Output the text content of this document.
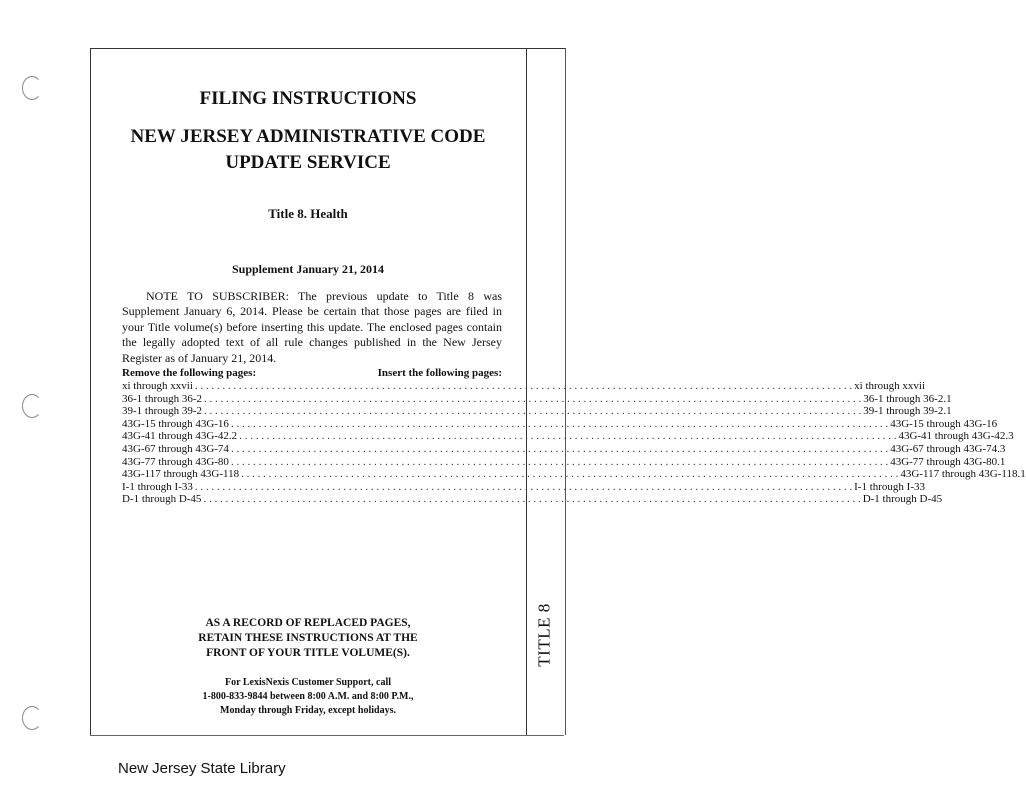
TITLE 8
FILING INSTRUCTIONS
NEW JERSEY ADMINISTRATIVE CODE
UPDATE SERVICE
Title 8. Health
Supplement January 21, 2014
NOTE TO SUBSCRIBER: The previous update to Title 8 was Supplement January 6, 2014. Please be certain that those pages are filed in your Title volume(s) before inserting this update. The enclosed pages contain the legally adopted text of all rule changes published in the New Jersey Register as of January 21, 2014.
Remove the following pages:	Insert the following pages:
xi through xxvii . . . . . . . . . . . . . . . . . . . . . . . . . . . . . . . . . . . . . . . . . . . . . . . . . . . . . . . . . . . . . . . . . . . . . . . . . . . . . . . . . . . . . . . . . . . . . . . . . . . . . . . . . . . . . . . . . . . . . . . . xi through xxvii
36-1 through 36-2 . . . . . . . . . . . . . . . . . . . . . . . . . . . . . . . . . . . . . . . . . . . . . . . . . . . . . . . . . . . . . . . . . . . . . . . . . . . . . . . . . . . . . . . . . . . . . . . . . . . . . . . . . . . . . . . . . . . . . . . . 36-1 through 36-2.1
39-1 through 39-2 . . . . . . . . . . . . . . . . . . . . . . . . . . . . . . . . . . . . . . . . . . . . . . . . . . . . . . . . . . . . . . . . . . . . . . . . . . . . . . . . . . . . . . . . . . . . . . . . . . . . . . . . . . . . . . . . . . . . . . . . 39-1 through 39-2.1
43G-15 through 43G-16 . . . . . . . . . . . . . . . . . . . . . . . . . . . . . . . . . . . . . . . . . . . . . . . . . . . . . . . . . . . . . . . . . . . . . . . . . . . . . . . . . . . . . . . . . . . . . . . . . . . . . . . . . . . . . . . . . . . . . . . . 43G-15 through 43G-16
43G-41 through 43G-42.2 . . . . . . . . . . . . . . . . . . . . . . . . . . . . . . . . . . . . . . . . . . . . . . . . . . . . . . . . . . . . . . . . . . . . . . . . . . . . . . . . . . . . . . . . . . . . . . . . . . . . . . . . . . . . . . . . . . . . . . . . 43G-41 through 43G-42.3
43G-67 through 43G-74 . . . . . . . . . . . . . . . . . . . . . . . . . . . . . . . . . . . . . . . . . . . . . . . . . . . . . . . . . . . . . . . . . . . . . . . . . . . . . . . . . . . . . . . . . . . . . . . . . . . . . . . . . . . . . . . . . . . . . . . . 43G-67 through 43G-74.3
43G-77 through 43G-80 . . . . . . . . . . . . . . . . . . . . . . . . . . . . . . . . . . . . . . . . . . . . . . . . . . . . . . . . . . . . . . . . . . . . . . . . . . . . . . . . . . . . . . . . . . . . . . . . . . . . . . . . . . . . . . . . . . . . . . . . 43G-77 through 43G-80.1
43G-117 through 43G-118 . . . . . . . . . . . . . . . . . . . . . . . . . . . . . . . . . . . . . . . . . . . . . . . . . . . . . . . . . . . . . . . . . . . . . . . . . . . . . . . . . . . . . . . . . . . . . . . . . . . . . . . . . . . . . . . . . . . . . . . . 43G-117 through 43G-118.1
I-1 through I-33 . . . . . . . . . . . . . . . . . . . . . . . . . . . . . . . . . . . . . . . . . . . . . . . . . . . . . . . . . . . . . . . . . . . . . . . . . . . . . . . . . . . . . . . . . . . . . . . . . . . . . . . . . . . . . . . . . . . . . . . . I-1 through I-33
D-1 through D-45 . . . . . . . . . . . . . . . . . . . . . . . . . . . . . . . . . . . . . . . . . . . . . . . . . . . . . . . . . . . . . . . . . . . . . . . . . . . . . . . . . . . . . . . . . . . . . . . . . . . . . . . . . . . . . . . . . . . . . . . . D-1 through D-45
AS A RECORD OF REPLACED PAGES,
RETAIN THESE INSTRUCTIONS AT THE
FRONT OF YOUR TITLE VOLUME(S).
For LexisNexis Customer Support, call
1-800-833-9844 between 8:00 A.M. and 8:00 P.M.,
Monday through Friday, except holidays.
New Jersey State Library
